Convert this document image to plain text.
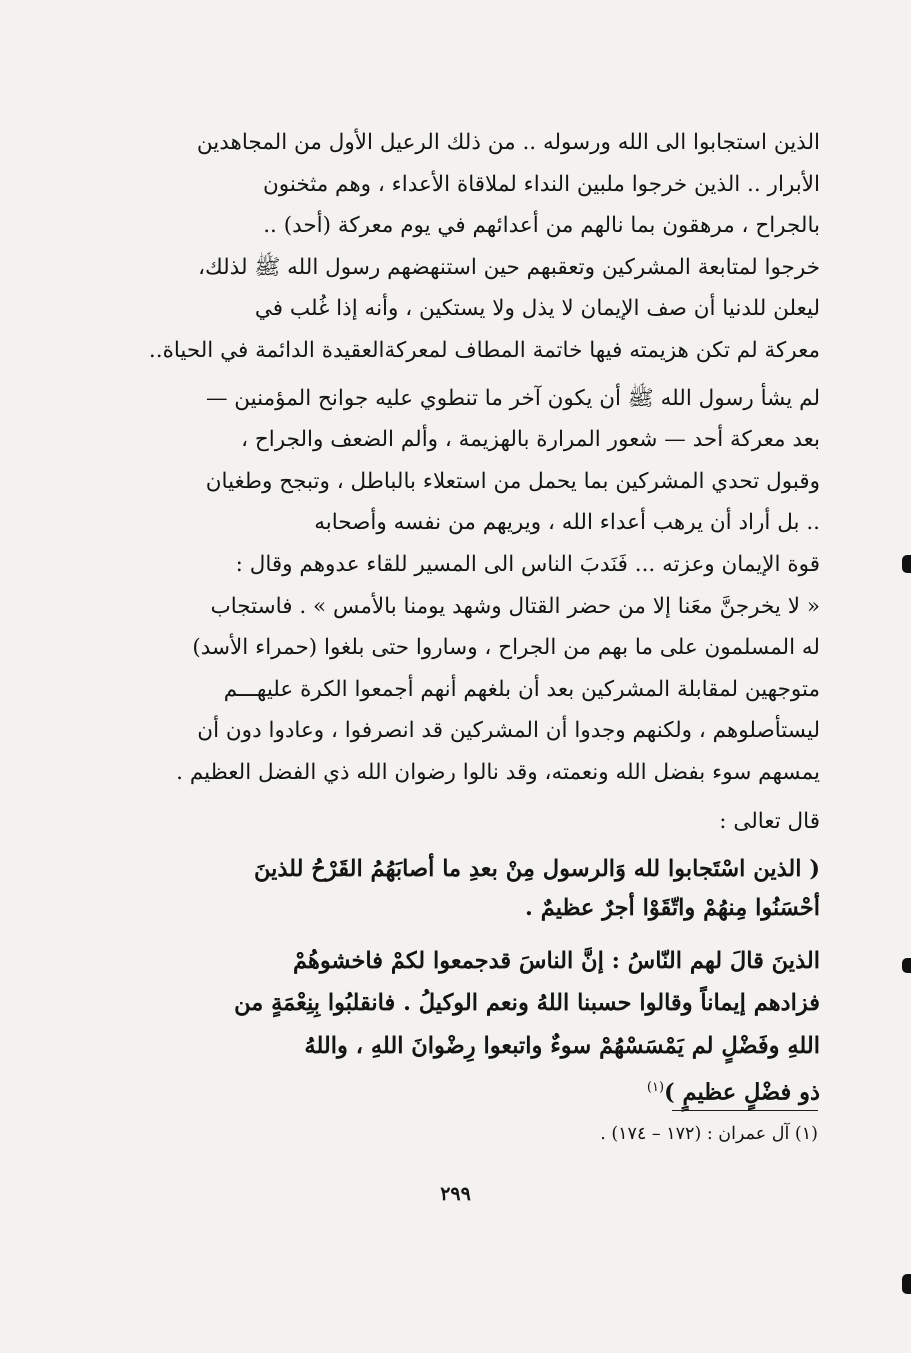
الذين استجابوا الى الله ورسوله .. من ذلك الرعيل الأول من المجاهدين
الأبرار .. الذين خرجوا ملبين النداء لملاقاة الأعداء ، وهم مثخنون
بالجراح ، مرهقون بما نالهم من أعدائهم في يوم معركة (أحد) ..
خرجوا لمتابعة المشركين وتعقبهم حين استنهضهم رسول الله ﷺ لذلك،
ليعلن للدنيا أن صف الإيمان لا يذل ولا يستكين ، وأنه إذا غُلب في
معركة لم تكن هزيمته فيها خاتمة المطاف لمعركةالعقيدة الدائمة في الحياة..

لم يشأ رسول الله ﷺ أن يكون آخر ما تنطوي عليه جوانح المؤمنين —
بعد معركة أحد — شعور المرارة بالهزيمة ، وألم الضعف والجراح ،
وقبول تحدي المشركين بما يحمل من استعلاء بالباطل ، وتبجح وطغيان
.. بل أراد أن يرهب أعداء الله ، ويريهم من نفسه وأصحابه
قوة الإيمان وعزته ... فَنَدبَ الناس الى المسير للقاء عدوهم وقال :
« لا يخرجنَّ معَنا إلا من حضر القتال وشهد يومنا بالأمس » . فاستجاب
له المسلمون على ما بهم من الجراح ، وساروا حتى بلغوا (حمراء الأسد)
متوجهين لمقابلة المشركين بعد أن بلغهم أنهم أجمعوا الكرة عليهـــم
ليستأصلوهم ، ولكنهم وجدوا أن المشركين قد انصرفوا ، وعادوا دون أن
يمسهم سوء بفضل الله ونعمته، وقد نالوا رضوان الله ذي الفضل العظيم .

قال تعالى :
( الذين اسْتَجابوا لله وَالرسول مِنْ بعدِ ما أصابَهُمُ القَرْحُ للذينَ
أحْسَنُوا مِنهُمْ واتّقَوْا أجرٌ عظيمٌ .
الذينَ قالَ لهم النّاسُ : إنَّ الناسَ قدجمعوا لكمْ فاخشوهُمْ
فزادهم إيماناً وقالوا حسبنا اللهُ ونعم الوكيلُ . فانقلبُوا بِنِعْمَةٍ من
اللهِ وفَضْلٍ لم يَمْسَسْهُمْ سوءٌ واتبعوا رِضْوانَ اللهِ ، واللهُ
ذو فضْلٍ عظيمٍ )$^{(١)}$
(١) آل عمران : (١٧٢ – ١٧٤) .
٢٩٩
